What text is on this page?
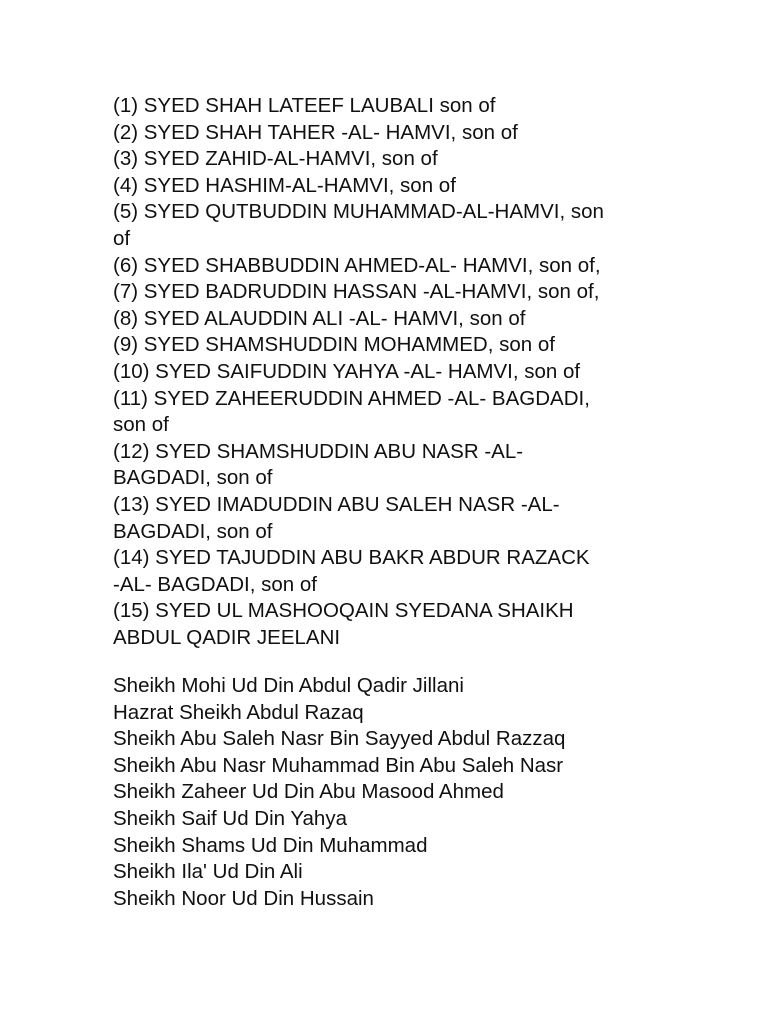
(1) SYED SHAH LATEEF LAUBALI son of
(2) SYED SHAH TAHER -AL- HAMVI, son of
(3) SYED ZAHID-AL-HAMVI, son of
(4) SYED HASHIM-AL-HAMVI, son of
(5) SYED QUTBUDDIN MUHAMMAD-AL-HAMVI, son
of
(6) SYED SHABBUDDIN AHMED-AL- HAMVI, son of,
(7) SYED BADRUDDIN HASSAN -AL-HAMVI, son of,
(8) SYED ALAUDDIN ALI -AL- HAMVI, son of
(9) SYED SHAMSHUDDIN MOHAMMED, son of
(10) SYED SAIFUDDIN YAHYA -AL- HAMVI, son of
(11) SYED ZAHEERUDDIN AHMED -AL- BAGDADI,
son of
(12) SYED SHAMSHUDDIN ABU NASR -AL-
BAGDADI, son of
(13) SYED IMADUDDIN ABU SALEH NASR -AL-
BAGDADI, son of
(14) SYED TAJUDDIN ABU BAKR ABDUR RAZACK
-AL- BAGDADI, son of
(15) SYED UL MASHOOQAIN SYEDANA SHAIKH
ABDUL QADIR JEELANI
Sheikh Mohi Ud Din Abdul Qadir Jillani
Hazrat Sheikh Abdul Razaq
Sheikh Abu Saleh Nasr Bin Sayyed Abdul Razzaq
Sheikh Abu Nasr Muhammad Bin Abu Saleh Nasr
Sheikh Zaheer Ud Din Abu Masood Ahmed
Sheikh Saif Ud Din Yahya
Sheikh Shams Ud Din Muhammad
Sheikh Ila' Ud Din Ali
Sheikh Noor Ud Din Hussain
